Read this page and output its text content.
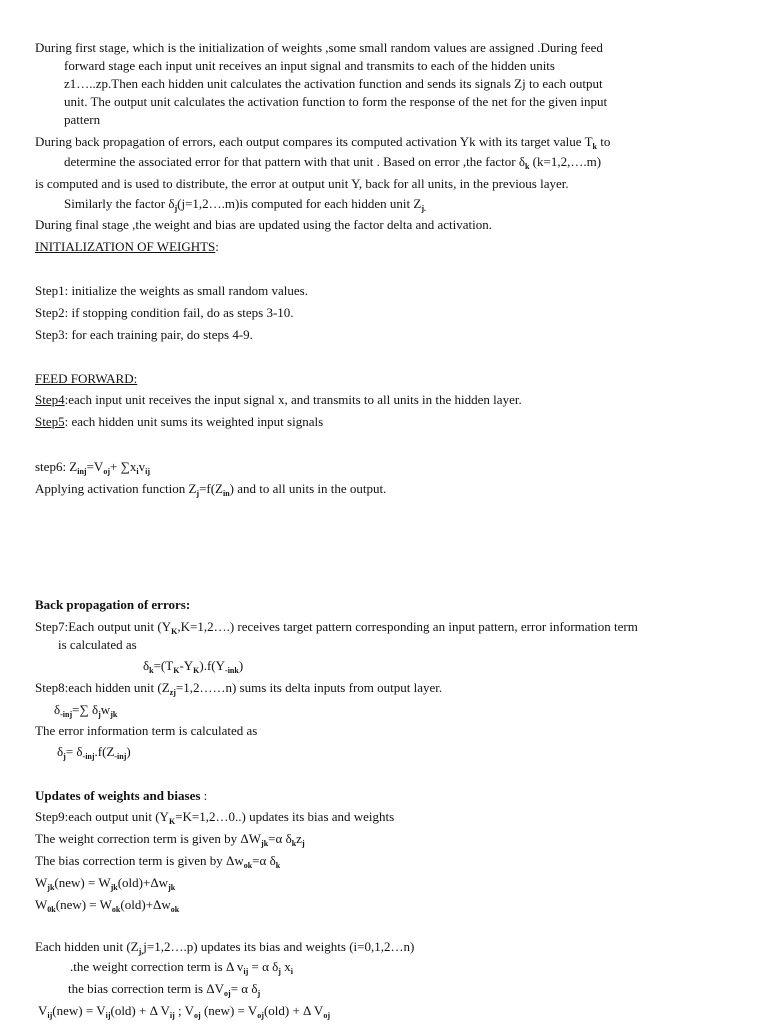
During first stage, which is the initialization of weights ,some small random values are assigned .During feed
forward stage each input unit receives an input signal and transmits to each of the hidden units
z1…..zp.Then each hidden unit calculates the activation function and sends its signals Zj to each output
unit. The output unit calculates the activation function to form the response of the net for the given input
pattern
During back propagation of errors, each output compares its computed activation Yk with its target value $T_k$ to
determine the associated error for that pattern with that unit . Based on error ,the factor $\delta_k$ (k=1,2,….m)
is computed and is used to distribute, the error at output unit Y, back for all units, in the previous layer.
Similarly the factor $\delta_j(j=1,2\dots.m)is$ computed for each hidden unit $Z_{j.}$
During final stage ,the weight and bias are updated using the factor delta and activation.
INITIALIZATION OF WEIGHTS:
Step1: initialize the weights as small random values.
Step2: if stopping condition fail, do as steps 3-10.
Step3: for each training pair, do steps 4-9.
FEED FORWARD:
Step4:each input unit receives the input signal x, and transmits to all units in the hidden layer.
Step5: each hidden unit sums its weighted input signals
step6: $Z_{inj}=V_{oj}+ \sum x_iv_{ij}$
Applying activation function $Z_j=f(Z_{in})$ and to all units in the output.
Back propagation of errors:
Step7:Each output unit $(Y_K,K=1,2\dots.)$ receives target pattern corresponding an input pattern, error information term
is calculated as
$\delta_k=(T_K-Y_K).f(Y_{-ink})$
Step8:each hidden unit $(Z_{zj}=1,2\dots\dots n)$ sums its delta inputs from output layer.
$\delta_{-inj}=\sum$ $\delta_jw_{jk}$
The error information term is calculated as
$\delta_j= \delta_{-inj}.f(Z_{-inj})$
Updates of weights and biases :
Step9:each output unit $(Y_K=K=1,2\dots 0..)$ updates its bias and weights
The weight correction term is given by $\Delta W_{jk}=\alpha$ $\delta_kz_j$
The bias correction term is given by $\Delta w_{ok}=\alpha$ $\delta_k$
$W_{jk}(new) = W_{jk}(old)+\Delta w_{jk}$
$W_{0k}(new) = W_{ok}(old)+\Delta w_{ok}$
Each hidden unit $(Z_{j,}j=1,2\dots.p)$ updates its bias and weights (i=0,1,2…n)
.the weight correction term is Δ $v_{ij} = \alpha$ $\delta_j$ $x_i$
the bias correction term is $\Delta V_{oj}= \alpha$ $\delta_j$
$V_{ij}(new) = V_{ij}(old) + \Delta$ $V_{ij}$ ; $V_{oj}$ $(new) = V_{oj}(old) + \Delta$ $V_{oj}$
